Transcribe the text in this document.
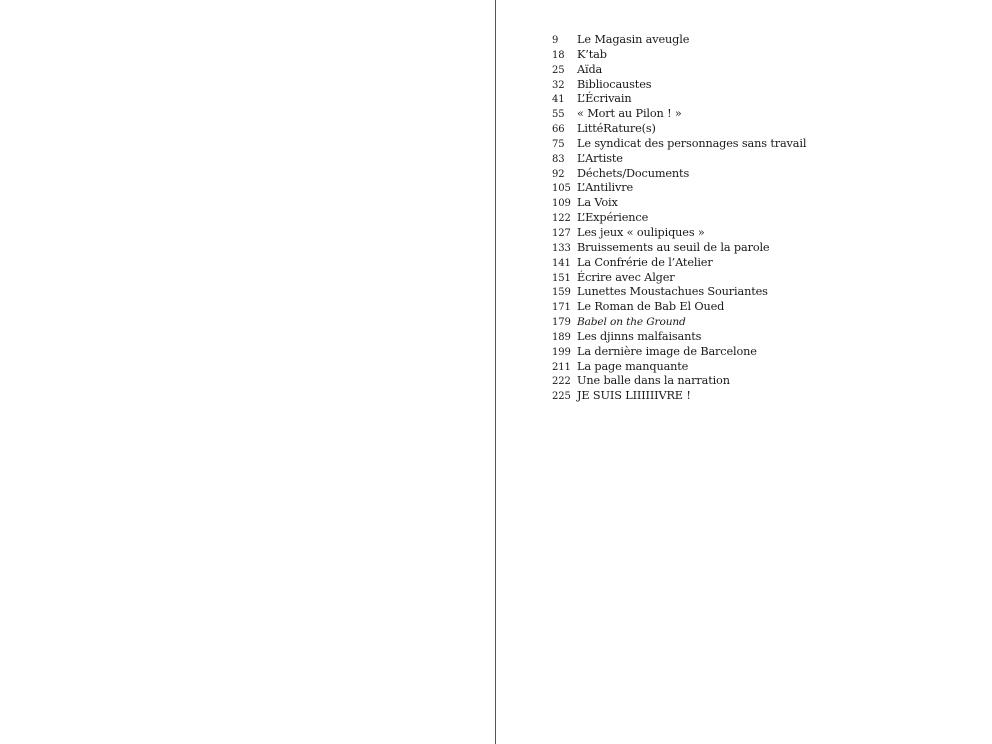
9	Le Magasin aveugle
18	K’tab
25	Aïda
32	Bibliocaustes
41	L’Écrivain
55	« Mort au Pilon ! »
66	LittéRature(s)
75	Le syndicat des personnages sans travail
83	L’Artiste
92	Déchets/Documents
105 L’Antilivre
109 La Voix
122 L’Expérience
127 Les jeux « oulipiques »
133 Bruissements au seuil de la parole
141 La Confrérie de l’Atelier
151 Écrire avec Alger
159 Lunettes Moustachues Souriantes
171 Le Roman de Bab El Oued
179 Babel on the Ground
189 Les djinns malfaisants
199 La dernière image de Barcelone
211 La page manquante
222 Une balle dans la narration
225 JE SUIS LIIIIIIVRE !
